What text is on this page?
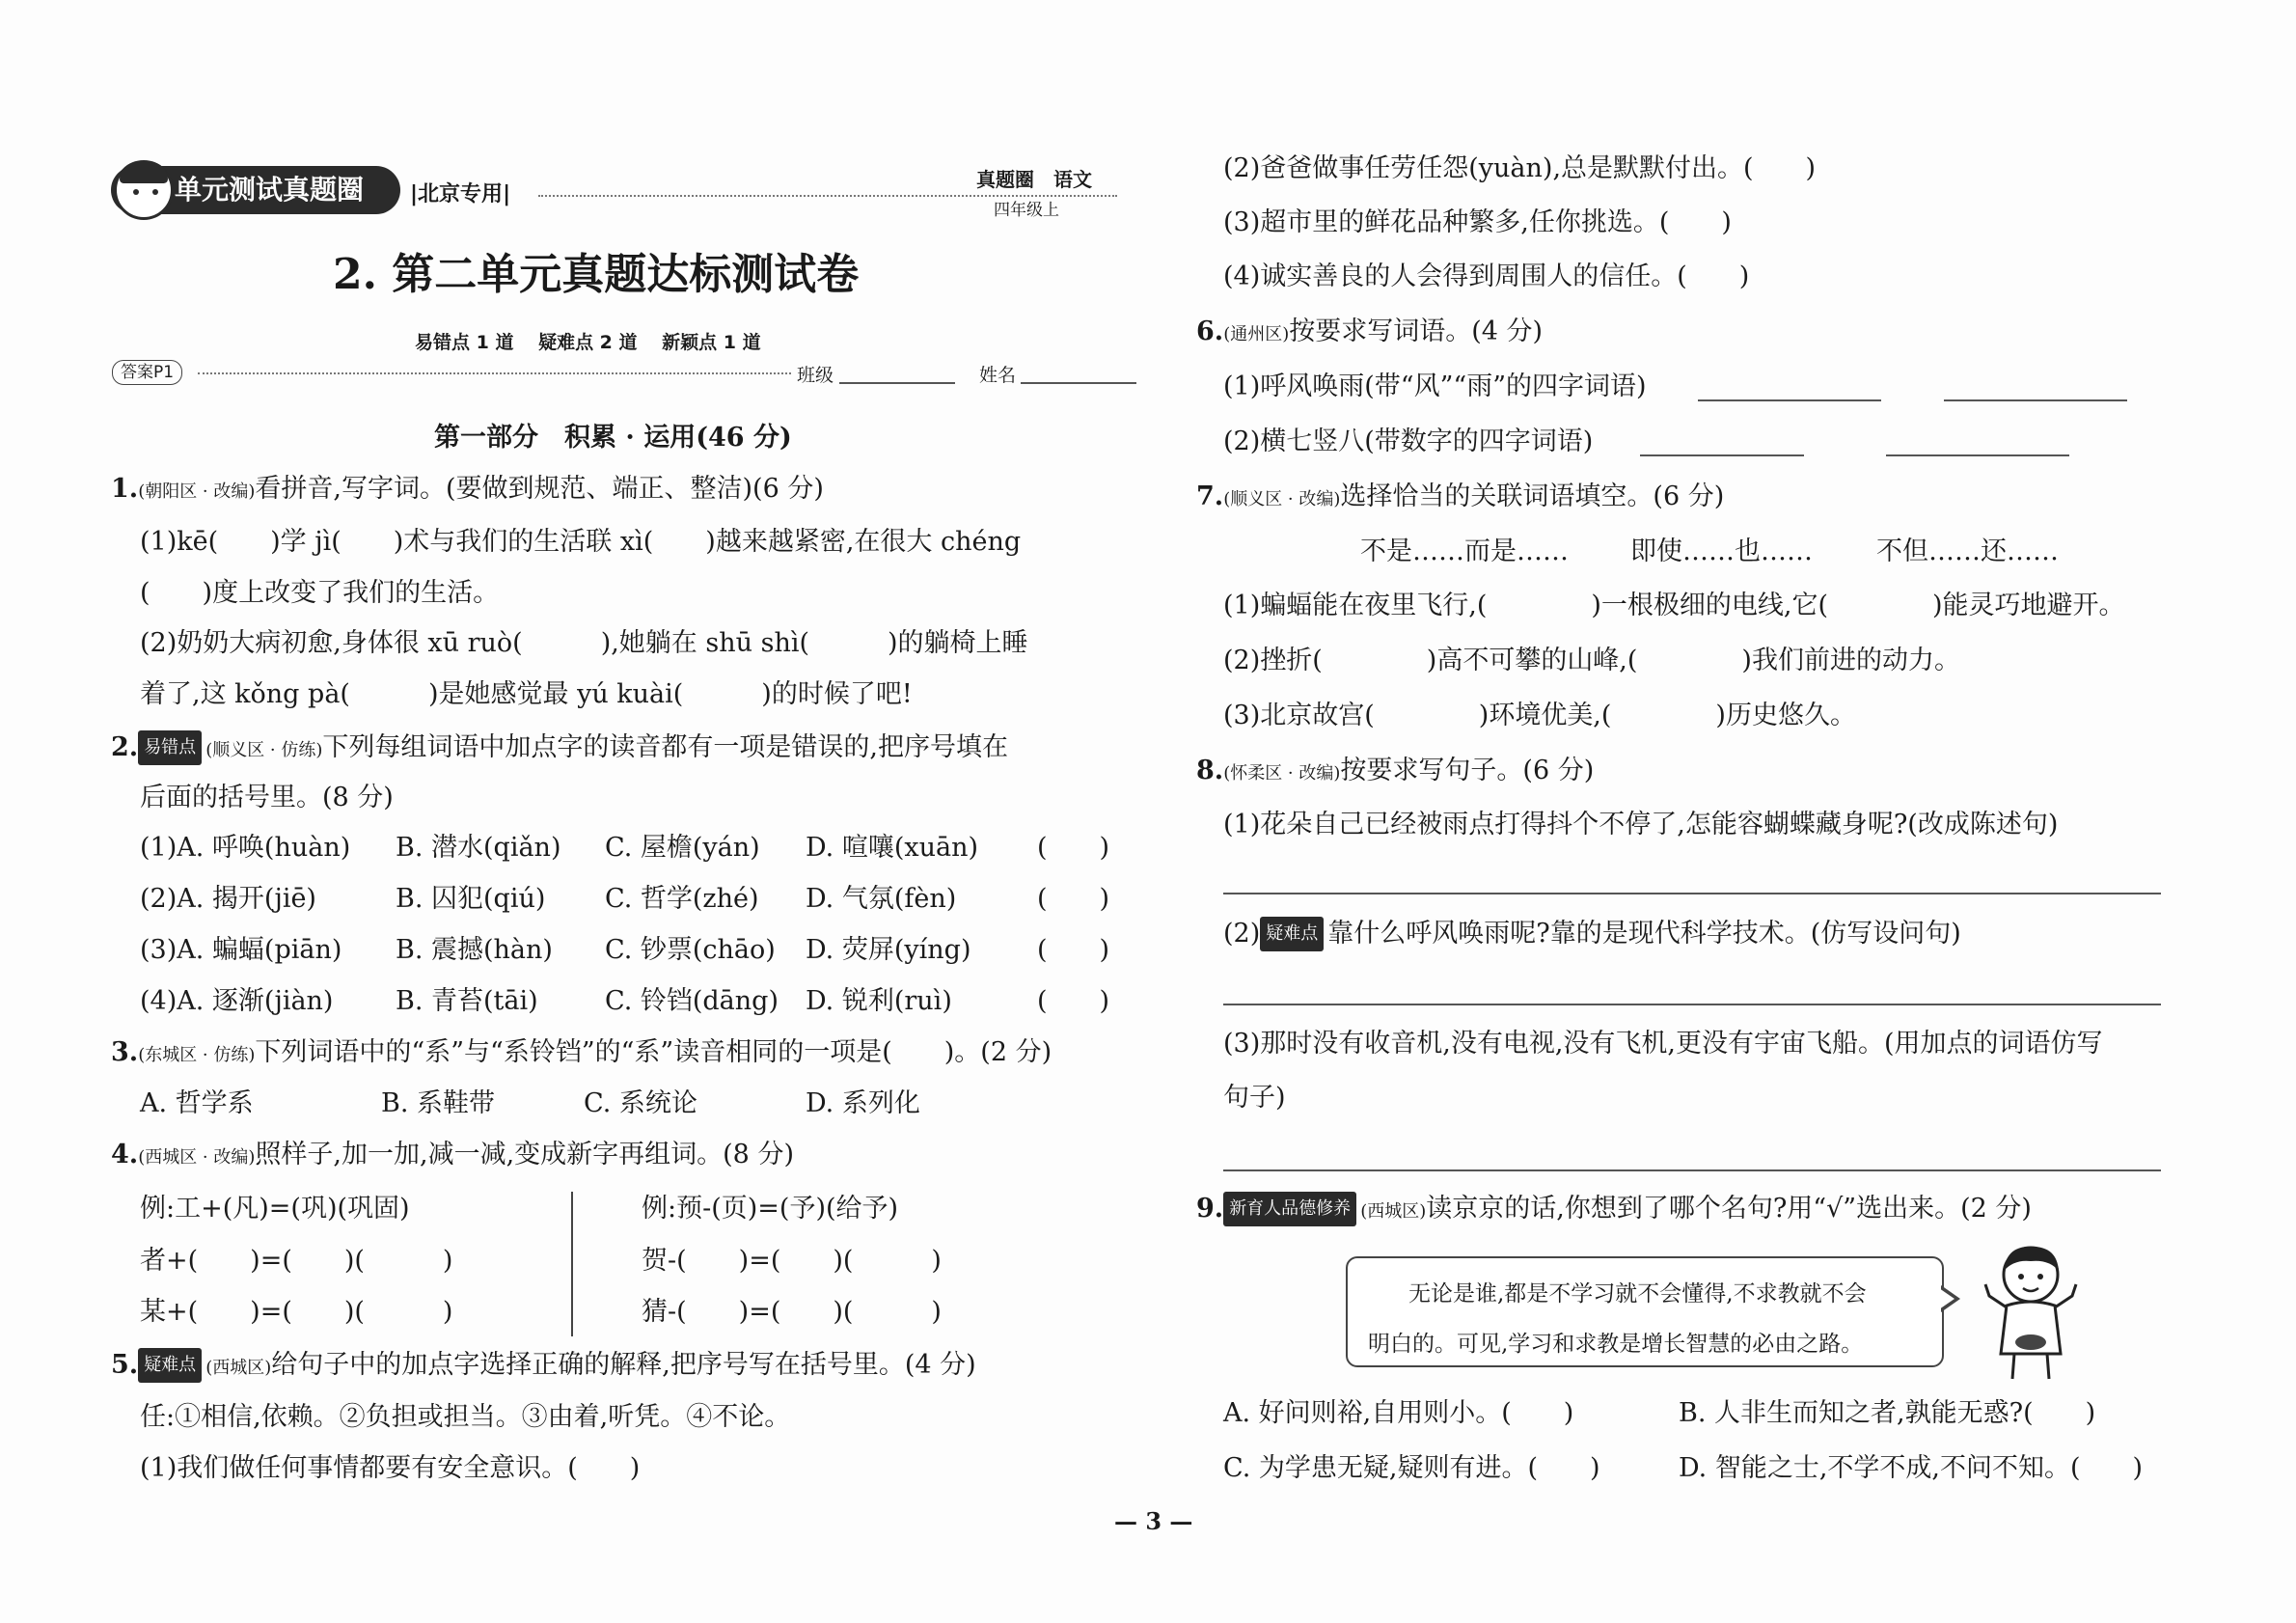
单元测试真题圈	|北京专用|
真题圈　语文
四年级上
2. 第二单元真题达标测试卷
易错点 1 道　 疑难点 2 道　 新颖点 1 道
答案P1	班级	姓名
第一部分　积累 · 运用(46 分)
1.(朝阳区 · 改编)看拼音,写字词。(要做到规范、端正、整洁)(6 分)
(1)kē(　　)学 jì(　　)术与我们的生活联 xì(　　)越来越紧密,在很大 chéng
(　　)度上改变了我们的生活。
(2)奶奶大病初愈,身体很 xū ruò(　　　),她躺在 shū shì(　　　)的躺椅上睡
着了,这 kǒng pà(　　　)是她感觉最 yú kuài(　　　)的时候了吧!
2. 易错点 (顺义区 · 仿练)下列每组词语中加点字的读音都有一项是错误的,把序号填在
后面的括号里。(8 分)
(1)A. 呼唤(huàn) B. 潜水(qiǎn) C. 屋檐(yán) D. 喧嚷(xuān) (　　)
(2)A. 揭开(jiē)	B. 囚犯(qiú) C. 哲学(zhé) D. 气氛(fèn)	(　　)
(3)A. 蝙蝠(piān) B. 震撼(hàn) C. 钞票(chāo) D. 荧屏(yíng)	(　　)
(4)A. 逐渐(jiàn) B. 青苔(tāi)	C. 铃铛(dāng) D. 锐利(ruì)	(　　)
3.(东城区 · 仿练)下列词语中的“系”与“系铃铛”的“系”读音相同的一项是(　　)。(2 分)
A. 哲学系	B. 系鞋带	C. 系统论	D. 系列化
4.(西城区 · 改编)照样子,加一加,减一减,变成新字再组词。(8 分)
例:工+(凡)=(巩)(巩固)
者+(　　)=(　　)(　　　)
某+(　　)=(　　)(　　　)
例:预-(页)=(予)(给予)
贺-(　　)=(　　)(　　　)
猜-(　　)=(　　)(　　　)
5. 疑难点 (西城区)给句子中的加点字选择正确的解释,把序号写在括号里。(4 分)
任:①相信,依赖。②负担或担当。③由着,听凭。④不论。
(1)我们做任何事情都要有安全意识。(　　)
(2)爸爸做事任劳任怨(yuàn),总是默默付出。(　　)
(3)超市里的鲜花品种繁多,任你挑选。(　　)
(4)诚实善良的人会得到周围人的信任。(　　)
6.(通州区)按要求写词语。(4 分)
(1)呼风唤雨(带“风”“雨”的四字词语)
(2)横七竖八(带数字的四字词语)
7.(顺义区 · 改编)选择恰当的关联词语填空。(6 分)
不是……而是…… 即使……也…… 不但……还……
(1)蝙蝠能在夜里飞行,(　　　　)一根极细的电线,它(　　　　)能灵巧地避开。
(2)挫折(　　　　)高不可攀的山峰,(　　　　)我们前进的动力。
(3)北京故宫(　　　　)环境优美,(　　　　)历史悠久。
8.(怀柔区 · 改编)按要求写句子。(6 分)
(1)花朵自己已经被雨点打得抖个不停了,怎能容蝴蝶藏身呢?(改成陈述句)
(2) 疑难点 靠什么呼风唤雨呢?靠的是现代科学技术。(仿写设问句)
(3)那时没有收音机,没有电视,没有飞机,更没有宇宙飞船。(用加点的词语仿写
句子)
9. 新育人品德修养 (西城区)读京京的话,你想到了哪个名句?用“√”选出来。(2 分)
无论是谁,都是不学习就不会懂得,不求教就不会
明白的。可见,学习和求教是增长智慧的必由之路。
A. 好问则裕,自用则小。(　　)	B. 人非生而知之者,孰能无惑?(　　)
C. 为学患无疑,疑则有进。(　　)	D. 智能之士,不学不成,不问不知。(　　)
— 3 —
